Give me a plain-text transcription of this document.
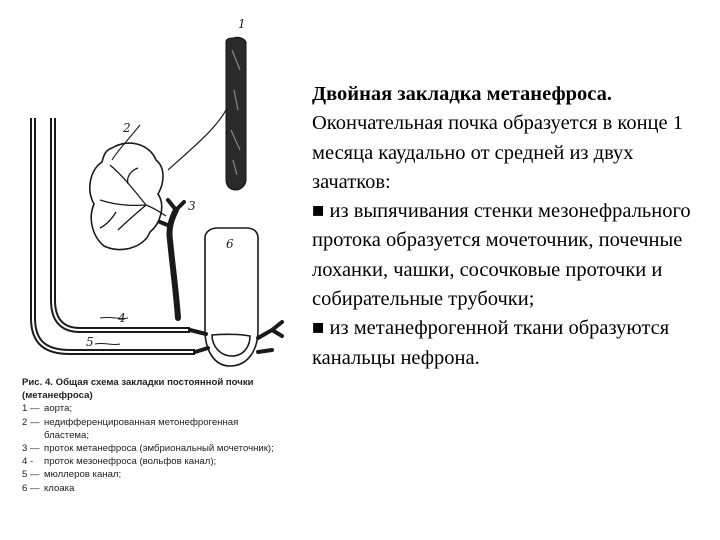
1
2
3
4
5
6
Рис. 4. Общая схема закладки постоянной почки (метанефроса)
1 — аорта;
2 — недифференцированная метонефрогенная бластема;
3 — проток метанефроса (эмбриональный мочеточник);
4 -	проток мезонефроса (вольфов канал);
5 — мюллеров канал;
6 — клоака

Двойная закладка метанефроса.

Окончательная почка образуется в конце 1 месяца каудально от средней из двух зачатков:

■ из выпячивания стенки мезонефрального протока образуется мочеточник, почечные лоханки, чашки, сосочковые проточки и собирательные трубочки;

■ из метанефрогенной ткани образуются канальцы нефрона.
